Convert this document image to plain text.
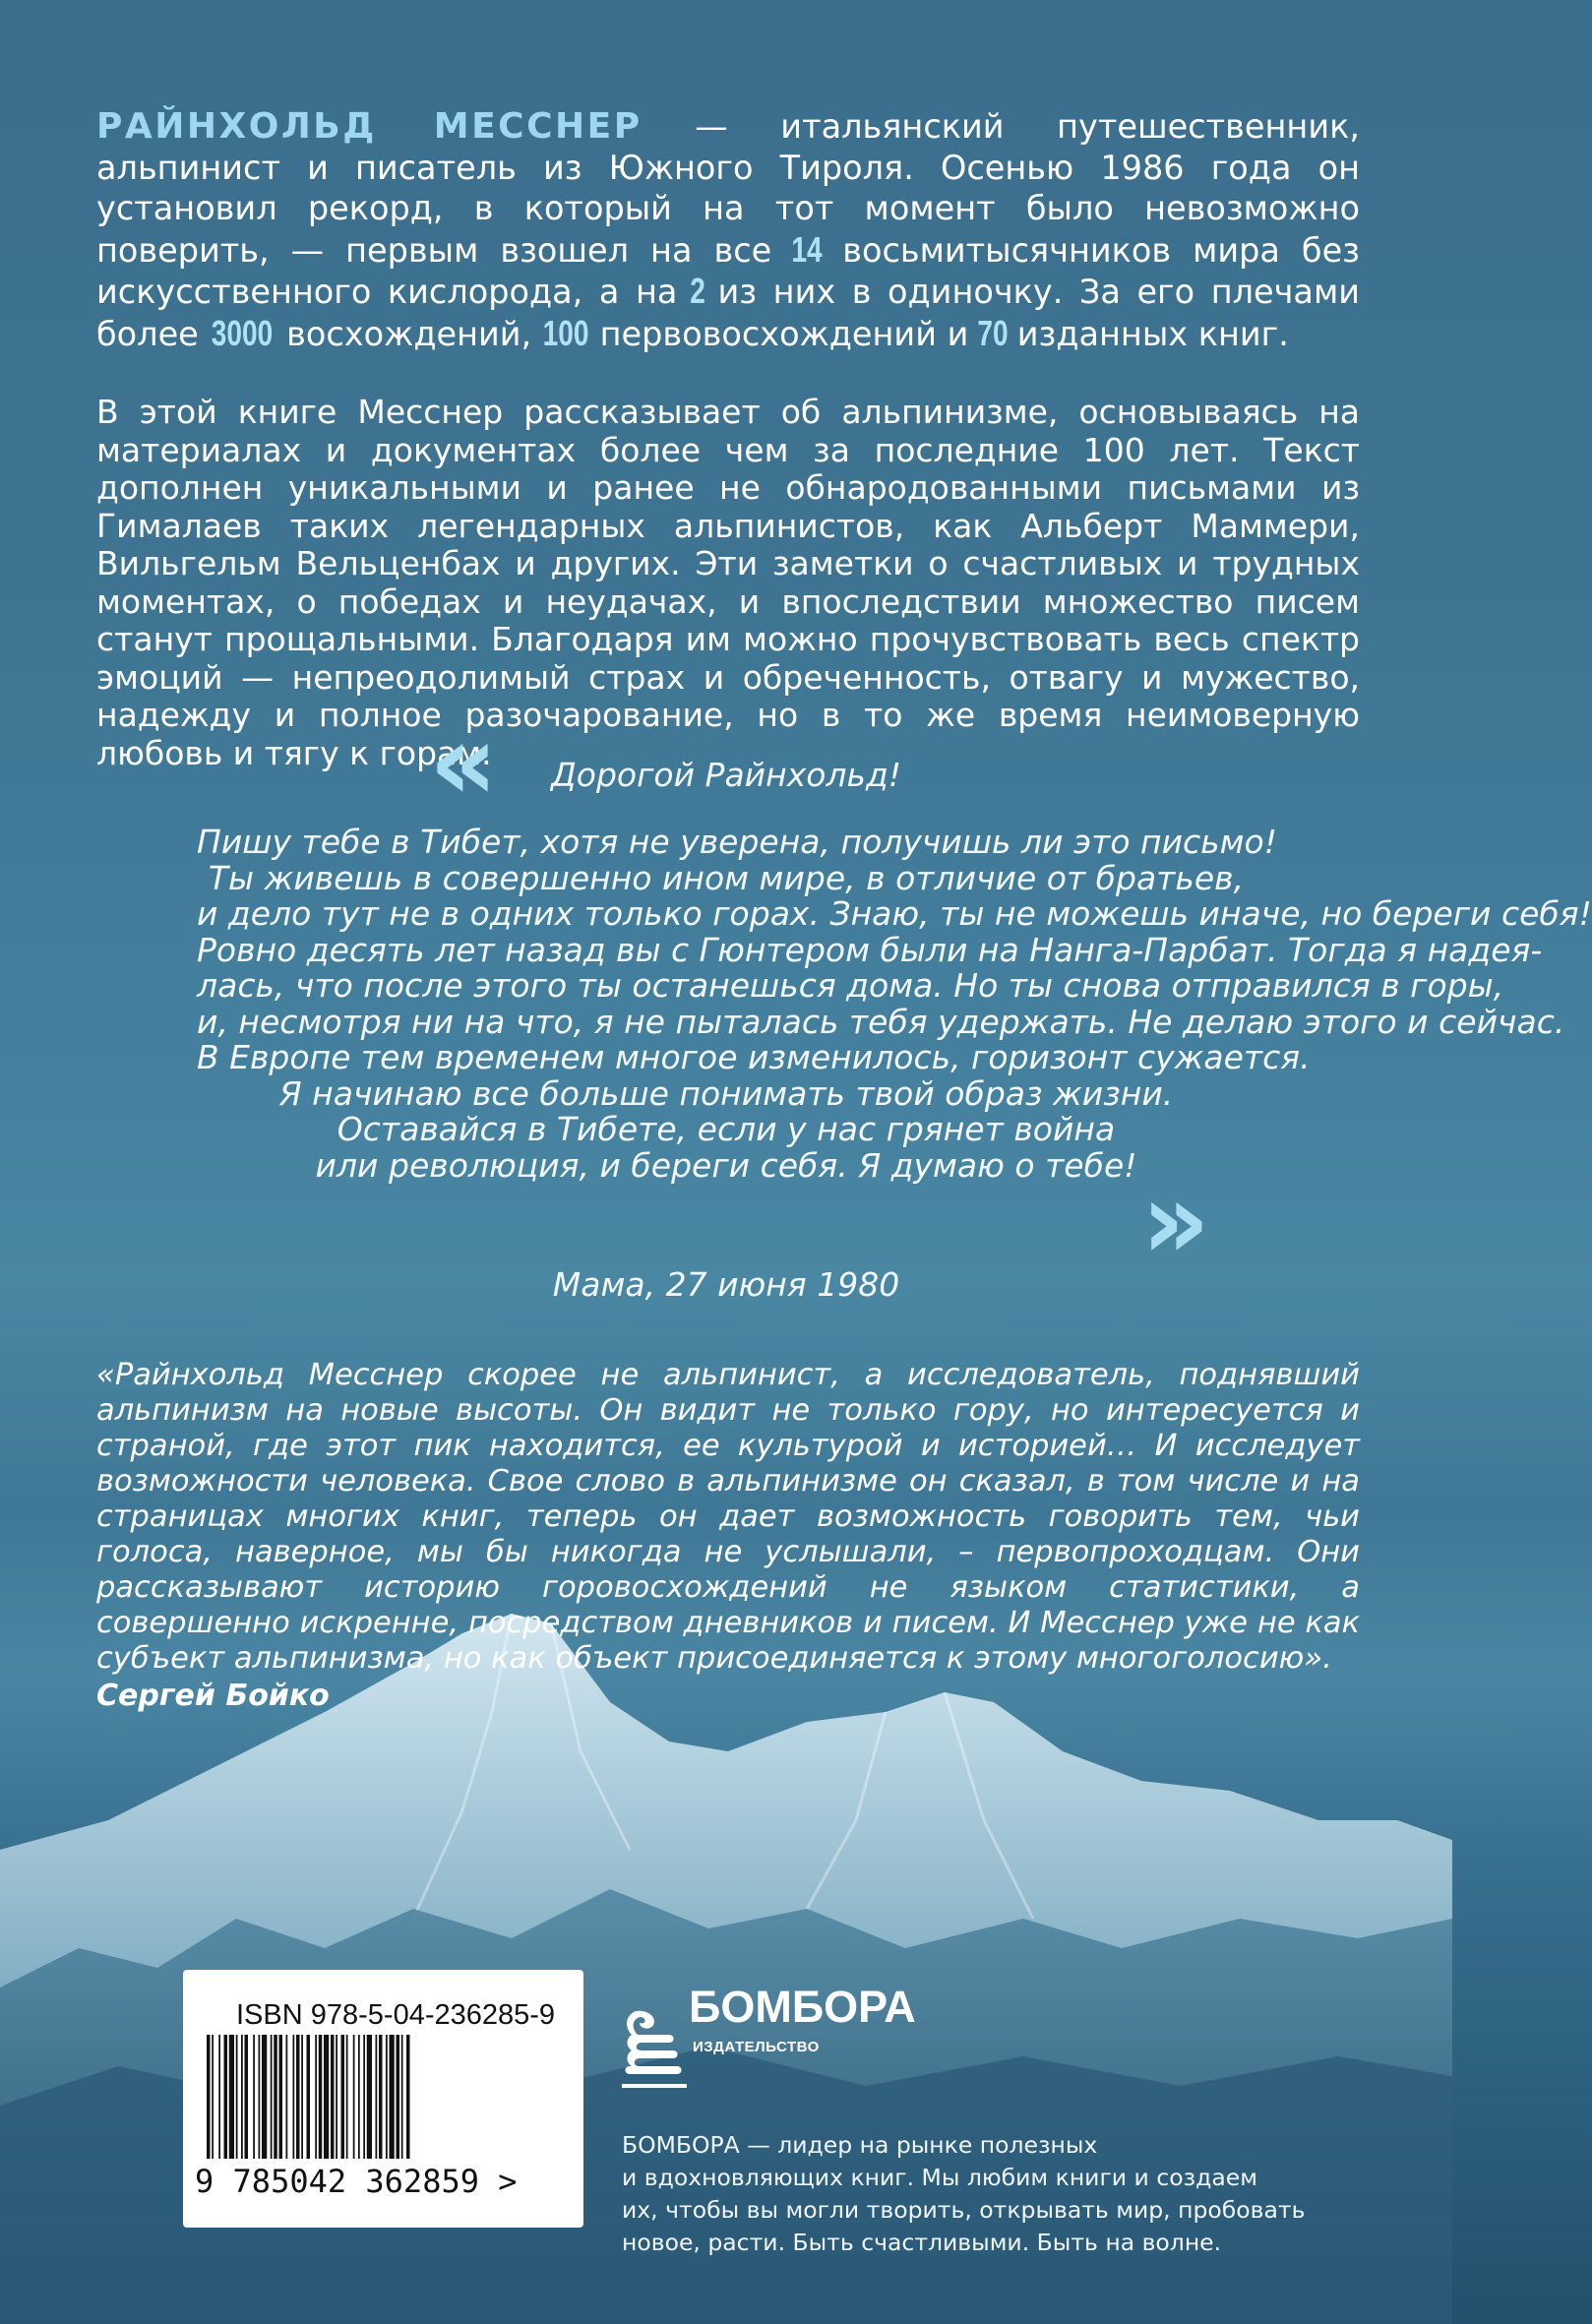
РАЙНХОЛЬД МЕССНЕР — итальянский путешественник, альпинист и писатель из Южного Тироля. Осенью 1986 года он установил рекорд, в который на тот момент было невозможно поверить, — первым взошел на все 14 восьмитысячников мира без искусственного кислорода, а на 2 из них в одиночку. За его плечами более 3000 восхождений, 100 первовосхождений и 70 изданных книг.

В этой книге Месснер рассказывает об альпинизме, основываясь на материалах и документах более чем за последние 100 лет. Текст дополнен уникальными и ранее не обнародованными письмами из Гималаев таких легендарных альпинистов, как Альберт Маммери, Вильгельм Вельценбах и других. Эти заметки о счастливых и трудных моментах, о победах и неудачах, и впоследствии множество писем станут прощальными. Благодаря им можно прочувствовать весь спектр эмоций — непреодолимый страх и обреченность, отвагу и мужество, надежду и полное разочарование, но в то же время неимоверную любовь и тягу к горам.

«	Дорогой Райнхольд!
Пишу тебе в Тибет, хотя не уверена, получишь ли это письмо!
Ты живешь в совершенно ином мире, в отличие от братьев,
и дело тут не в одних только горах. Знаю, ты не можешь иначе, но береги себя!
Ровно десять лет назад вы с Гюнтером были на Нанга-Парбат. Тогда я надея-
лась, что после этого ты останешься дома. Но ты снова отправился в горы,
и, несмотря ни на что, я не пыталась тебя удержать. Не делаю этого и сейчас.
В Европе тем временем многое изменилось, горизонт сужается.
Я начинаю все больше понимать твой образ жизни.
Оставайся в Тибете, если у нас грянет война
или революция, и береги себя. Я думаю о тебе! »
Мама, 27 июня 1980

«Райнхольд Месснер скорее не альпинист, а исследователь, поднявший альпинизм на новые высоты. Он видит не только гору, но интересуется и страной, где этот пик находится, ее культурой и историей… И исследует возможности человека. Свое слово в альпинизме он сказал, в том числе и на страницах многих книг, теперь он дает возможность говорить тем, чьи голоса, наверное, мы бы никогда не услышали, – первопроходцам. Они рассказывают историю горовосхождений не языком статистики, а совершенно искренне, посредством дневников и писем. И Месснер уже не как субъект альпинизма, но как объект присоединяется к этому многоголосию».

Сергей Бойко
ISBN 978-5-04-236285-9
9 785042 362859 >
БОМБОРА
ИЗДАТЕЛЬСТВО
БОМБОРА — лидер на рынке полезных
и вдохновляющих книг. Мы любим книги и создаем
их, чтобы вы могли творить, открывать мир, пробовать
новое, расти. Быть счастливыми. Быть на волне.
